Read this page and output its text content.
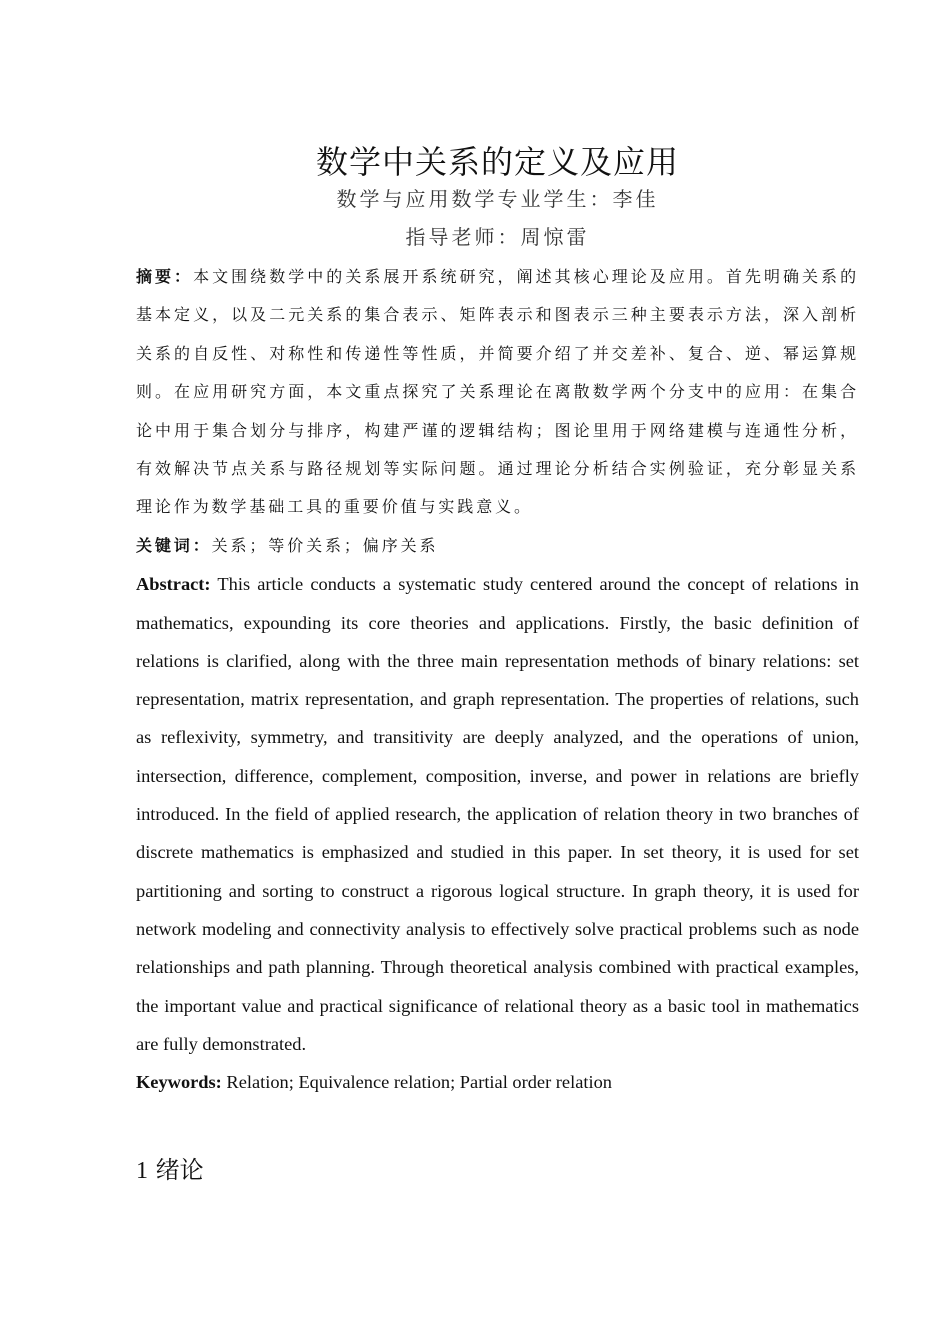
数学中关系的定义及应用

数学与应用数学专业学生：李佳

指导老师：周惊雷

摘要：本文围绕数学中的关系展开系统研究，阐述其核心理论及应用。首先明确关系的基本定义，以及二元关系的集合表示、矩阵表示和图表示三种主要表示方法，深入剖析关系的自反性、对称性和传递性等性质，并简要介绍了并交差补、复合、逆、幂运算规则。在应用研究方面，本文重点探究了关系理论在离散数学两个分支中的应用：在集合论中用于集合划分与排序，构建严谨的逻辑结构；图论里用于网络建模与连通性分析，有效解决节点关系与路径规划等实际问题。通过理论分析结合实例验证，充分彰显关系理论作为数学基础工具的重要价值与实践意义。

关键词：关系；等价关系；偏序关系

Abstract: This article conducts a systematic study centered around the concept of relations in mathematics, expounding its core theories and applications. Firstly, the basic definition of relations is clarified, along with the three main representation methods of binary relations: set representation, matrix representation, and graph representation. The properties of relations, such as reflexivity, symmetry, and transitivity are deeply analyzed, and the operations of union, intersection, difference, complement, composition, inverse, and power in relations are briefly introduced. In the field of applied research, the application of relation theory in two branches of discrete mathematics is emphasized and studied in this paper. In set theory, it is used for set partitioning and sorting to construct a rigorous logical structure. In graph theory, it is used for network modeling and connectivity analysis to effectively solve practical problems such as node relationships and path planning. Through theoretical analysis combined with practical examples, the important value and practical significance of relational theory as a basic tool in mathematics are fully demonstrated.

Keywords: Relation; Equivalence relation; Partial order relation

1 绪论
